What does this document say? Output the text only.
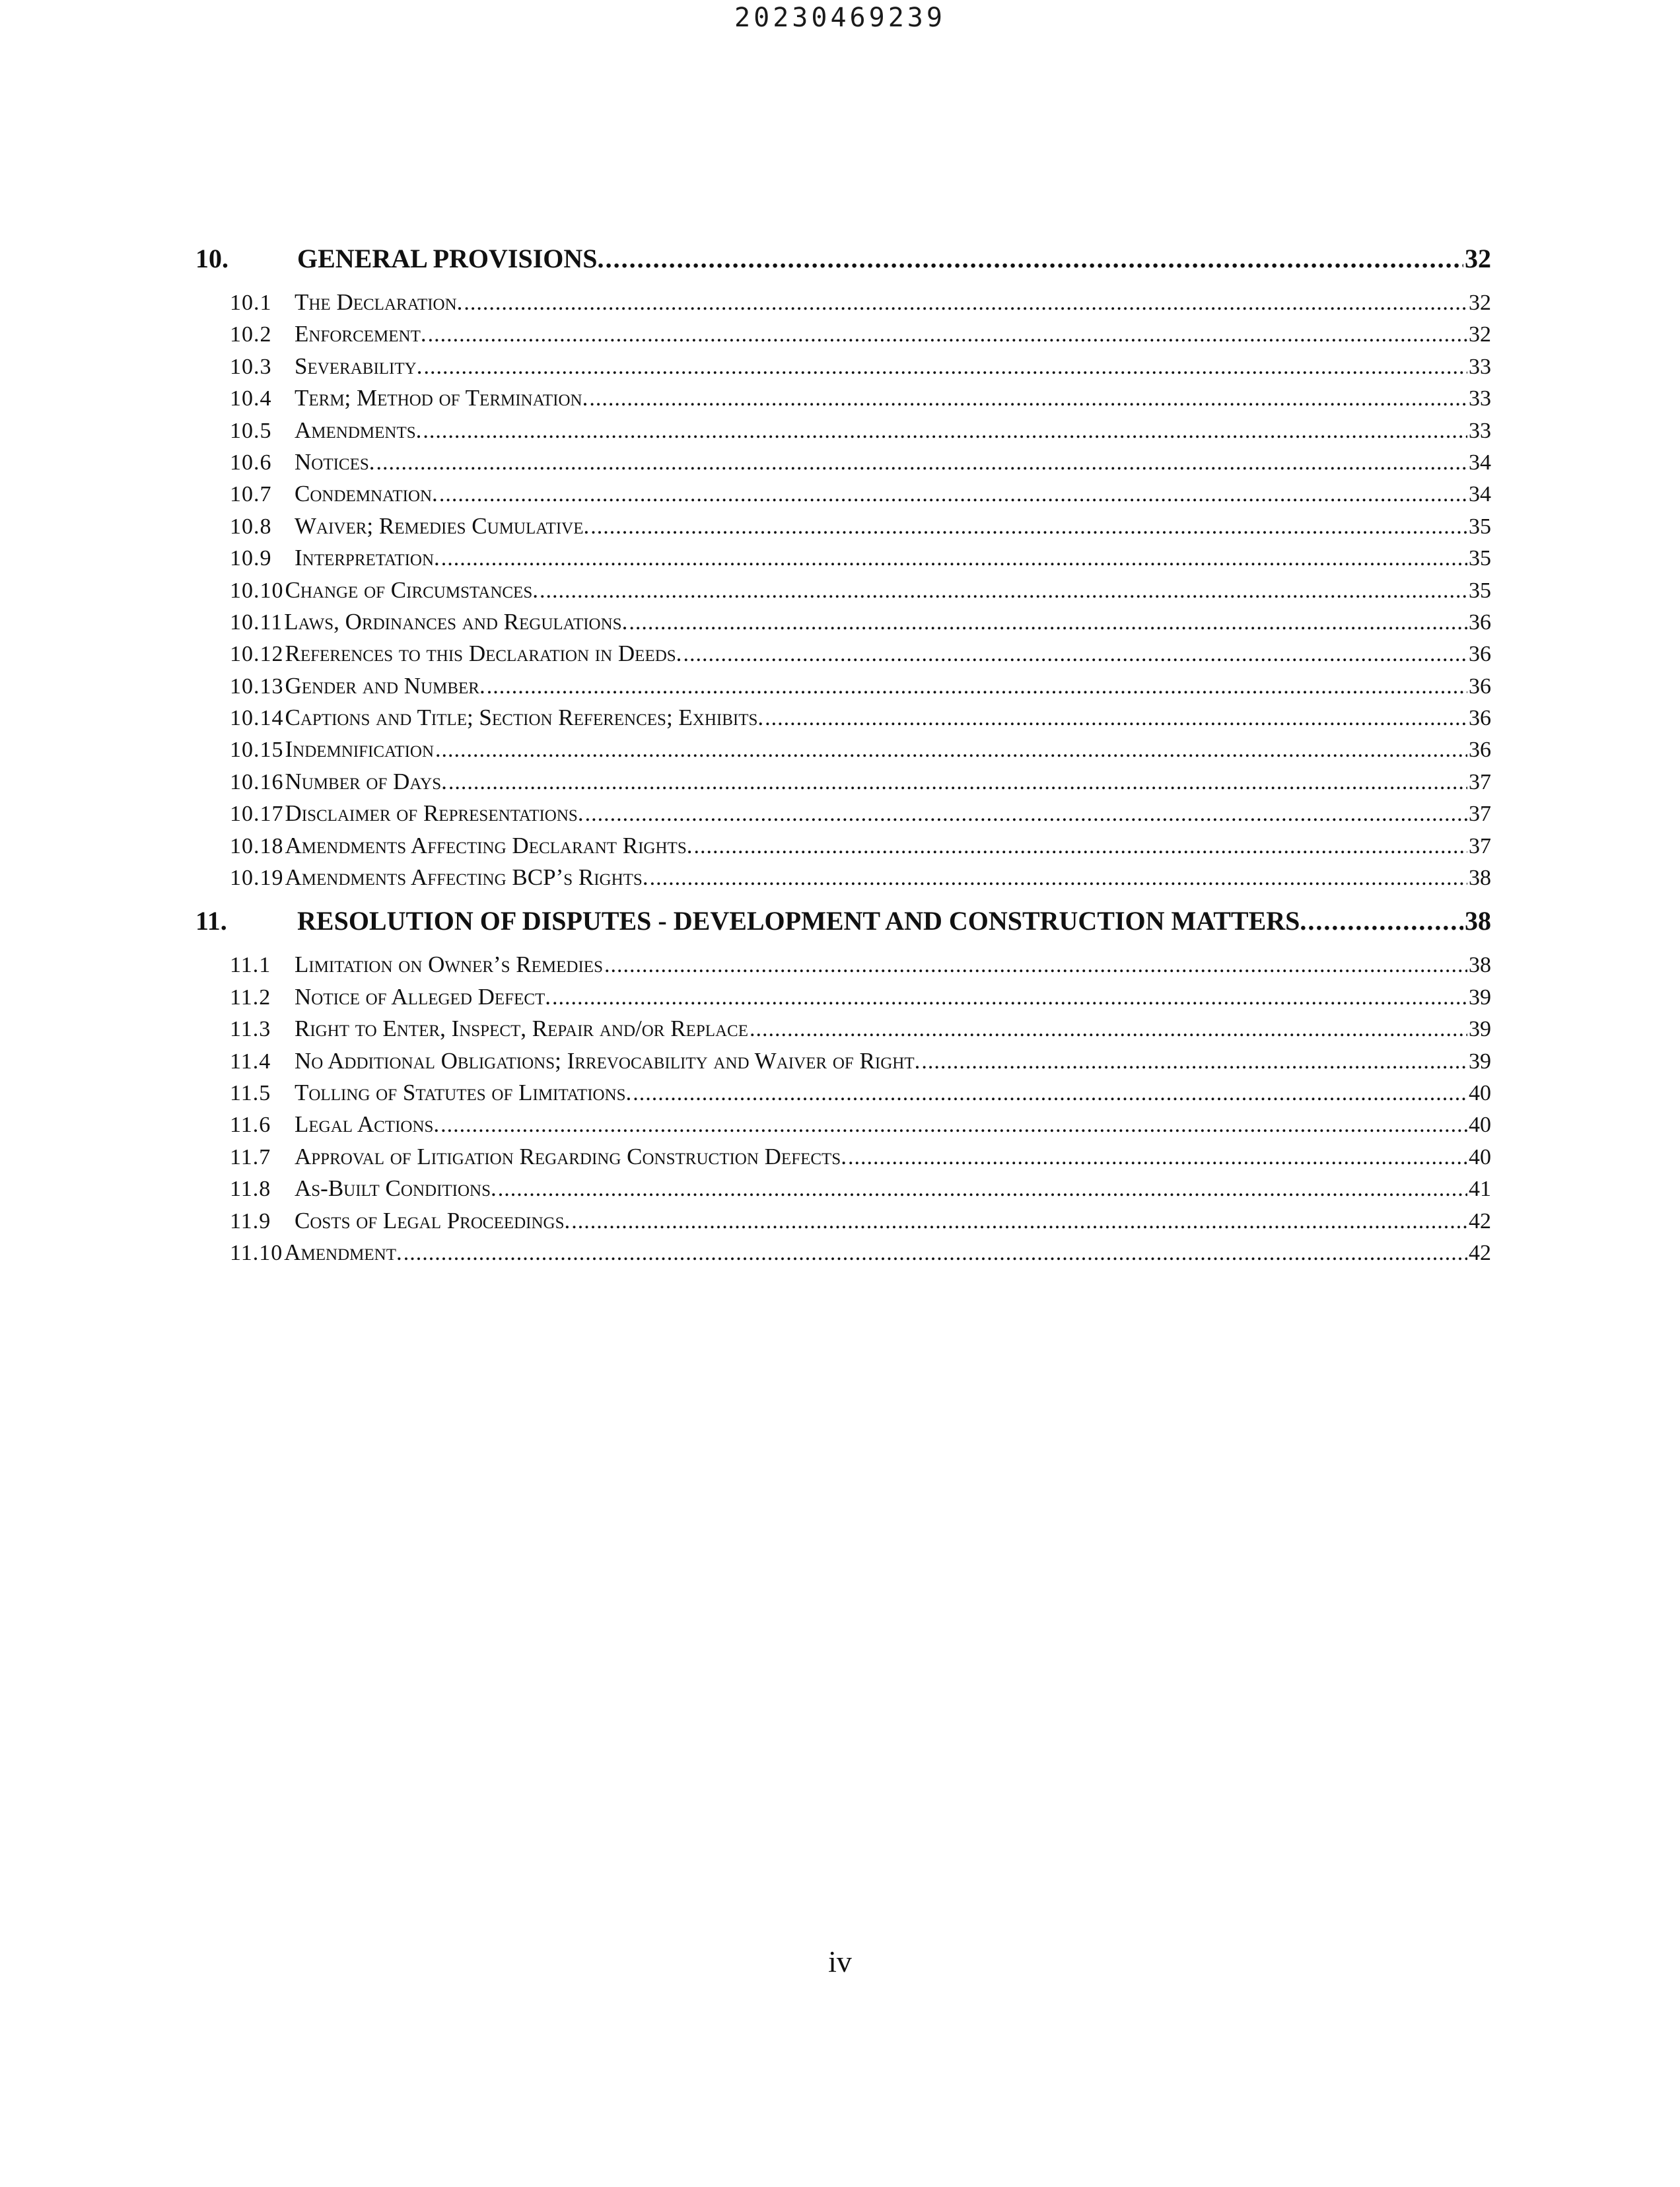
20230469239
10.	GENERAL PROVISIONS. .....	32
10.1 The Declaration. .....	32
10.2 Enforcement. .....	32
10.3 Severability. .....	33
10.4 Term; Method of Termination. .....	33
10.5 Amendments. .....	33
10.6 Notices. .....	34
10.7 Condemnation. .....	34
10.8 Waiver; Remedies Cumulative. .....	35
10.9 Interpretation. .....	35
10.10 Change of Circumstances. .....	35
10.11 Laws, Ordinances and Regulations. .....	36
10.12 References to this Declaration in Deeds. .....	36
10.13 Gender and Number. .....	36
10.14 Captions and Title; Section References; Exhibits. .....	36
10.15 Indemnification .....	36
10.16 Number of Days. .....	37
10.17 Disclaimer of Representations. .....	37
10.18 Amendments Affecting Declarant Rights. .....	37
10.19 Amendments Affecting BCP’s Rights. .....	38
11.	RESOLUTION OF DISPUTES - DEVELOPMENT AND CONSTRUCTION MATTERS. .....	38
11.1	Limitation on Owner’s Remedies .....	38
11.2	Notice of Alleged Defect. .....	39
11.3	Right to Enter, Inspect, Repair and/or Replace .....	39
11.4	No Additional Obligations; Irrevocability and Waiver of Right. .....	39
11.5	Tolling of Statutes of Limitations. .....	40
11.6	Legal Actions. .....	40
11.7	Approval of Litigation Regarding Construction Defects. .....	40
11.8	As-Built Conditions. .....	41
11.9	Costs of Legal Proceedings. .....	42
11.10 Amendment. .....	42
iv
